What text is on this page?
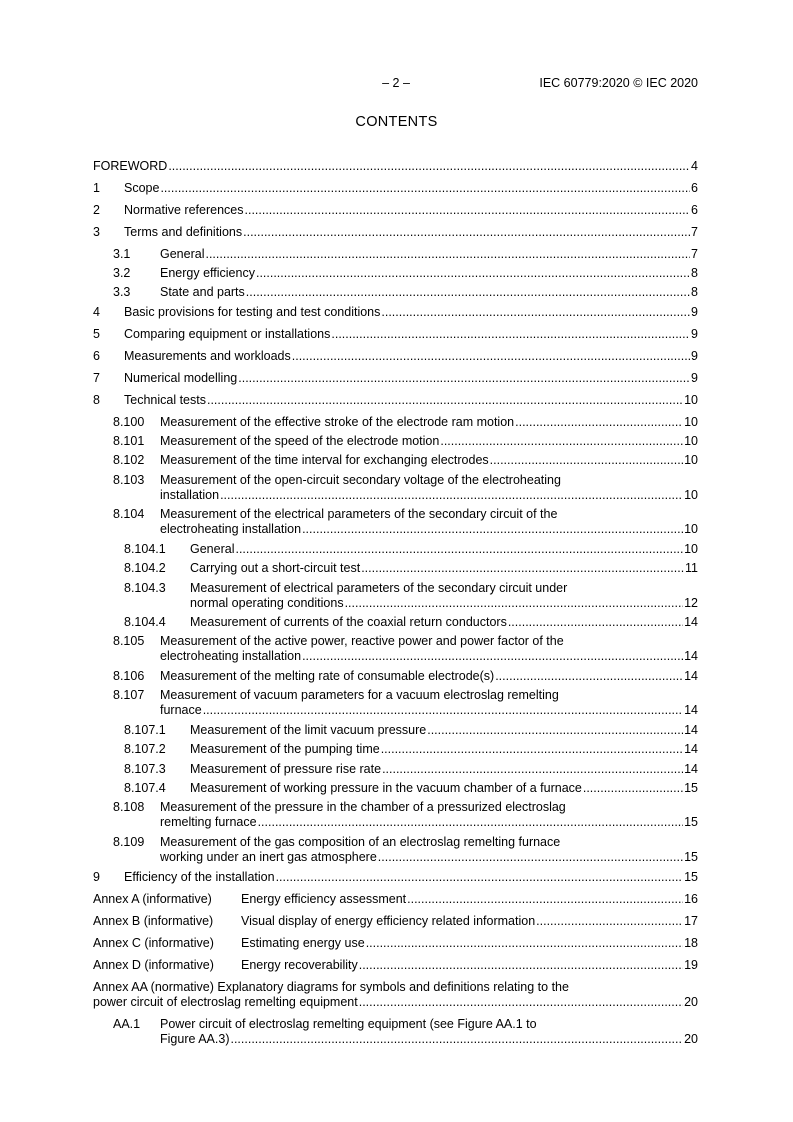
– 2 –	IEC 60779:2020 © IEC 2020
CONTENTS
FOREWORD .....	4
1	Scope .....	6
2	Normative references .....	6
3	Terms and definitions .....	7
3.1	General .....	7
3.2	Energy efficiency .....	8
3.3	State and parts .....	8
4	Basic provisions for testing and test conditions .....	9
5	Comparing equipment or installations .....	9
6	Measurements and workloads .....	9
7	Numerical modelling .....	9
8	Technical tests .....	10
8.100	Measurement of the effective stroke of the electrode ram motion .....	10
8.101	Measurement of the speed of the electrode motion .....	10
8.102	Measurement of the time interval for exchanging electrodes .....	10
8.103	Measurement of the open-circuit secondary voltage of the electroheating
installation .....	10
8.104	Measurement of the electrical parameters of the secondary circuit of the
electroheating installation .....	10
8.104.1	General .....	10
8.104.2	Carrying out a short-circuit test .....	11
8.104.3	Measurement of electrical parameters of the secondary circuit under
normal operating conditions .....	12
8.104.4	Measurement of currents of the coaxial return conductors .....	14
8.105	Measurement of the active power, reactive power and power factor of the
electroheating installation .....	14
8.106	Measurement of the melting rate of consumable electrode(s) .....	14
8.107	Measurement of vacuum parameters for a vacuum electroslag remelting
furnace .....	14
8.107.1	Measurement of the limit vacuum pressure .....	14
8.107.2	Measurement of the pumping time .....	14
8.107.3	Measurement of pressure rise rate .....	14
8.107.4	Measurement of working pressure in the vacuum chamber of a furnace .....	15
8.108	Measurement of the pressure in the chamber of a pressurized electroslag
remelting furnace .....	15
8.109	Measurement of the gas composition of an electroslag remelting furnace
working under an inert gas atmosphere .....	15
9	Efficiency of the installation .....	15
Annex A (informative)	Energy efficiency assessment .....	16
Annex B (informative)	Visual display of energy efficiency related information .....	17
Annex C (informative)	Estimating energy use .....	18
Annex D (informative)	Energy recoverability .....	19
Annex AA (normative) Explanatory diagrams for symbols and definitions relating to the
power circuit of electroslag remelting equipment .....	20
AA.1	Power circuit of electroslag remelting equipment (see Figure AA.1 to
Figure AA.3) .....	20
